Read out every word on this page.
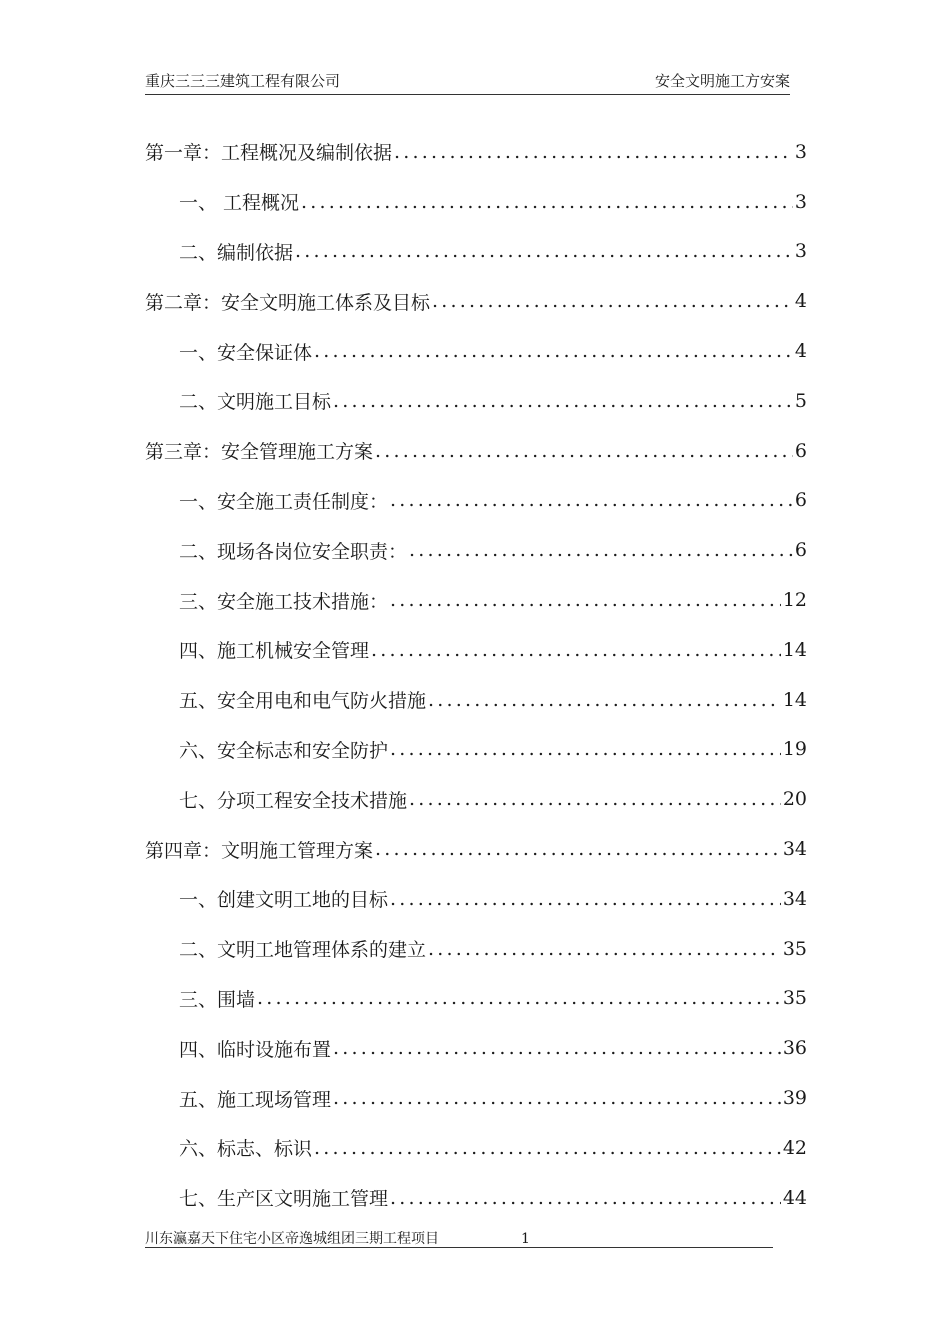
重庆三三三建筑工程有限公司	安全文明施工方安案
第一章：工程概况及编制依据 .....	3
一、 工程概况 .....	3
二、编制依据 .....	3
第二章：安全文明施工体系及目标 .....	4
一、安全保证体 .....	4
二、文明施工目标 .....	5
第三章：安全管理施工方案 .....	6
一、安全施工责任制度： .....	6
二、现场各岗位安全职责： .....	6
三、安全施工技术措施： .....	12
四、施工机械安全管理 .....	14
五、安全用电和电气防火措施 .....	14
六、安全标志和安全防护 .....	19
七、分项工程安全技术措施 .....	20
第四章：文明施工管理方案 .....	34
一、创建文明工地的目标 .....	34
二、文明工地管理体系的建立 .....	35
三、围墙 .....	35
四、临时设施布置 .....	36
五、施工现场管理 .....	39
六、标志、标识 .....	42
七、生产区文明施工管理 .....	44
川东瀛嘉天下住宅小区帝逸城组团三期工程项目	1
